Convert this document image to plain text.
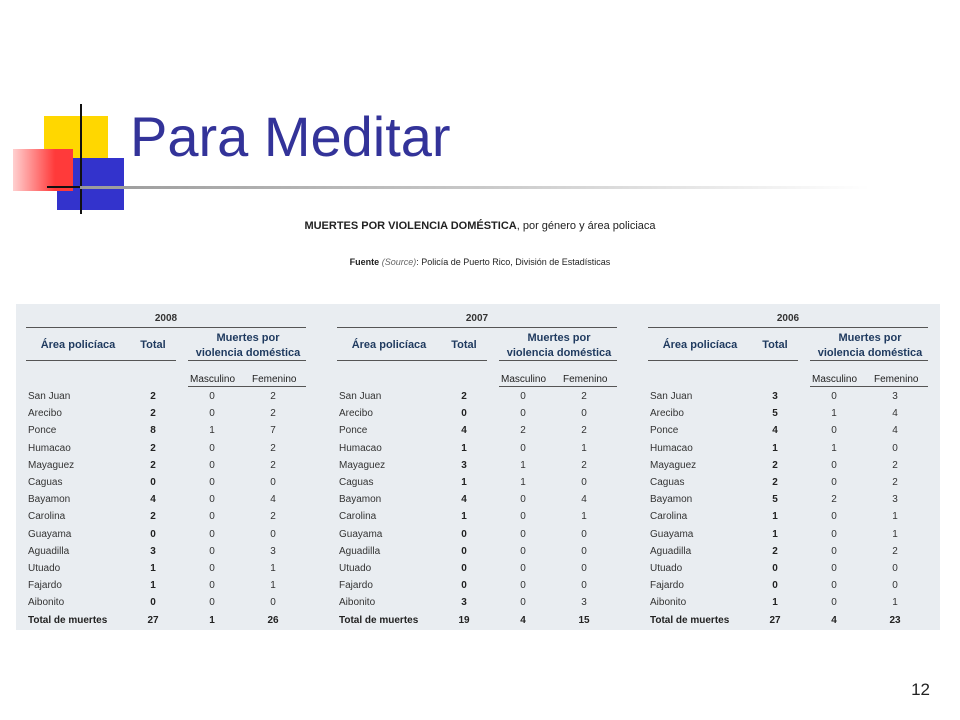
Para Meditar
MUERTES POR VIOLENCIA DOMÉSTICA, por género y área policiaca
Fuente (Source): Policía de Puerto Rico, División de Estadísticas
2008
Área policíaca	Total
Muertes por
violencia doméstica
Masculino Femenino
San Juan	2	0	2
Arecibo	2	0	2
Ponce	8	1	7
Humacao	2	0	2
Mayaguez	2	0	2
Caguas	0	0	0
Bayamon	4	0	4
Carolina	2	0	2
Guayama	0	0	0
Aguadilla	3	0	3
Utuado	1	0	1
Fajardo	1	0	1
Aibonito	0	0	0
Total de muertes	27	1	26
2007
Área policíaca	Total
Muertes por
violencia doméstica
Masculino Femenino
San Juan	2	0	2
Arecibo	0	0	0
Ponce	4	2	2
Humacao	1	0	1
Mayaguez	3	1	2
Caguas	1	1	0
Bayamon	4	0	4
Carolina	1	0	1
Guayama	0	0	0
Aguadilla	0	0	0
Utuado	0	0	0
Fajardo	0	0	0
Aibonito	3	0	3
Total de muertes	19	4	15
2006
Área policíaca	Total
Muertes por
violencia doméstica
Masculino Femenino
San Juan	3	0	3
Arecibo	5	1	4
Ponce	4	0	4
Humacao	1	1	0
Mayaguez	2	0	2
Caguas	2	0	2
Bayamon	5	2	3
Carolina	1	0	1
Guayama	1	0	1
Aguadilla	2	0	2
Utuado	0	0	0
Fajardo	0	0	0
Aibonito	1	0	1
Total de muertes	27	4	23
12
